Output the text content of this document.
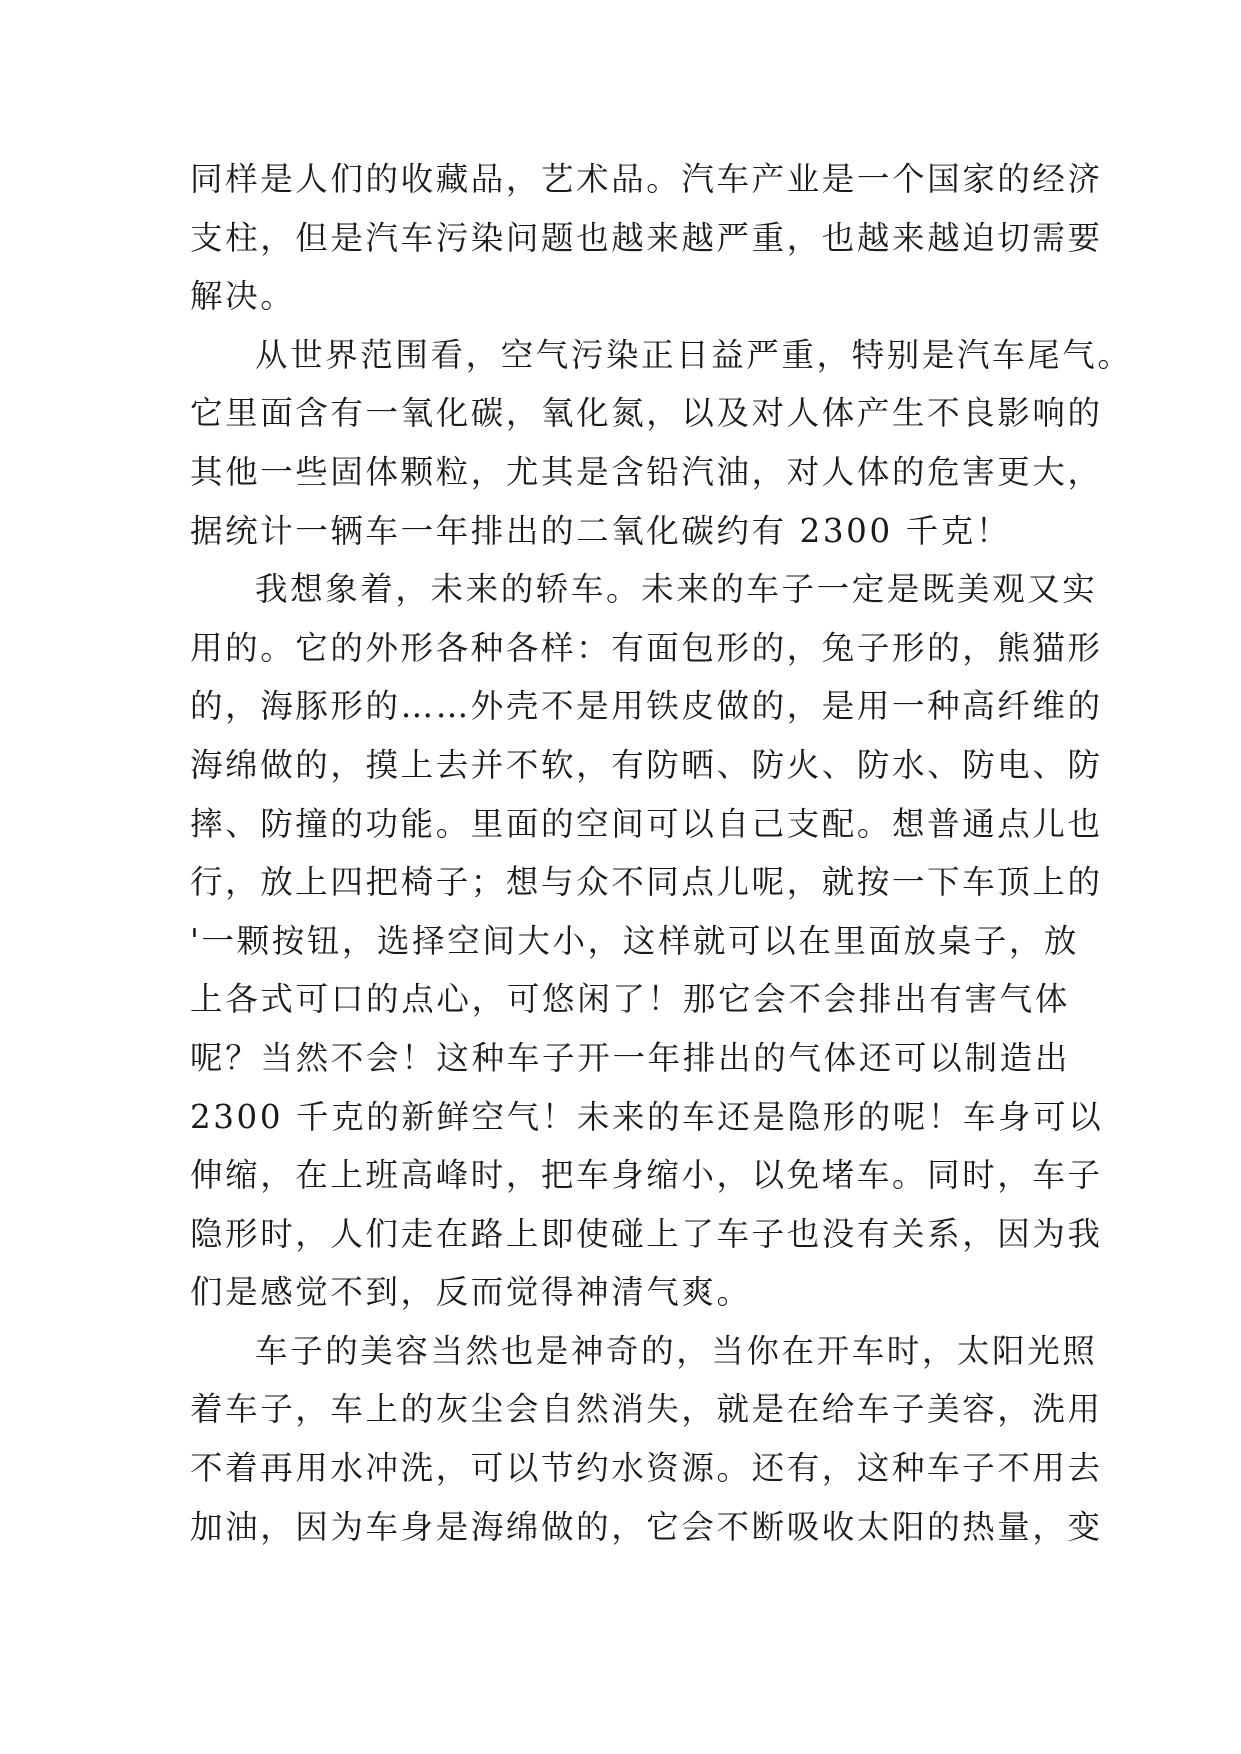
同样是人们的收藏品，艺术品。汽车产业是一个国家的经济
支柱，但是汽车污染问题也越来越严重，也越来越迫切需要
解决。
从世界范围看，空气污染正日益严重，特别是汽车尾气。
它里面含有一氧化碳，氧化氮，以及对人体产生不良影响的
其他一些固体颗粒，尤其是含铅汽油，对人体的危害更大，
据统计一辆车一年排出的二氧化碳约有 2300 千克！
我想象着，未来的轿车。未来的车子一定是既美观又实
用的。它的外形各种各样：有面包形的，兔子形的，熊猫形
的，海豚形的……外壳不是用铁皮做的，是用一种高纤维的
海绵做的，摸上去并不软，有防晒、防火、防水、防电、防
摔、防撞的功能。里面的空间可以自己支配。想普通点儿也
行，放上四把椅子；想与众不同点儿呢，就按一下车顶上的
'一颗按钮，选择空间大小，这样就可以在里面放桌子，放
上各式可口的点心，可悠闲了！那它会不会排出有害气体
呢？当然不会！这种车子开一年排出的气体还可以制造出
2300 千克的新鲜空气！未来的车还是隐形的呢！车身可以
伸缩，在上班高峰时，把车身缩小，以免堵车。同时，车子
隐形时，人们走在路上即使碰上了车子也没有关系，因为我
们是感觉不到，反而觉得神清气爽。
车子的美容当然也是神奇的，当你在开车时，太阳光照
着车子，车上的灰尘会自然消失，就是在给车子美容，洗用
不着再用水冲洗，可以节约水资源。还有，这种车子不用去
加油，因为车身是海绵做的，它会不断吸收太阳的热量，变
